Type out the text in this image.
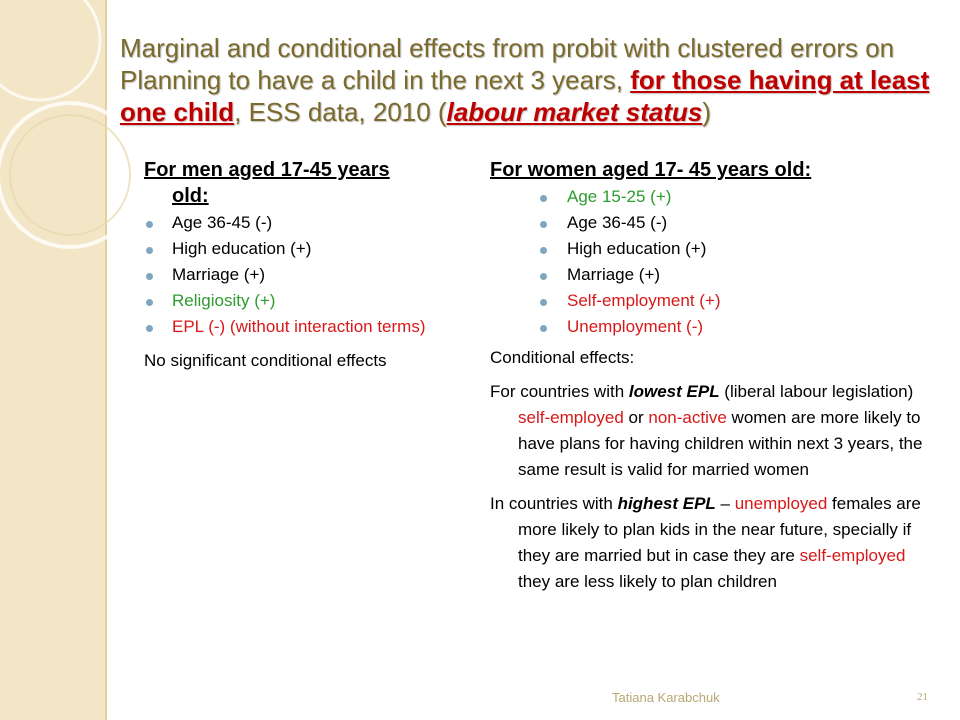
Marginal and conditional effects from probit with clustered errors on Planning to have a child in the next 3 years, for those having at least one child, ESS data, 2010 (labour market status)
For men aged 17-45 years
old:
Age 36-45 (-)
High education (+)
Marriage (+)
Religiosity (+)
EPL (-) (without interaction terms)
No significant conditional effects
For women aged 17- 45 years old:
Age 15-25 (+)
Age 36-45 (-)
High education (+)
Marriage (+)
Self-employment (+)
Unemployment (-)
Conditional effects:
For countries with lowest EPL (liberal labour legislation) self-employed or non-active women are more likely to have plans for having children within next 3 years, the same result is valid for married women
In countries with highest EPL – unemployed females are more likely to plan kids in the near future, specially if they are married but in case they are self-employed they are less likely to plan children
Tatiana Karabchuk	21
